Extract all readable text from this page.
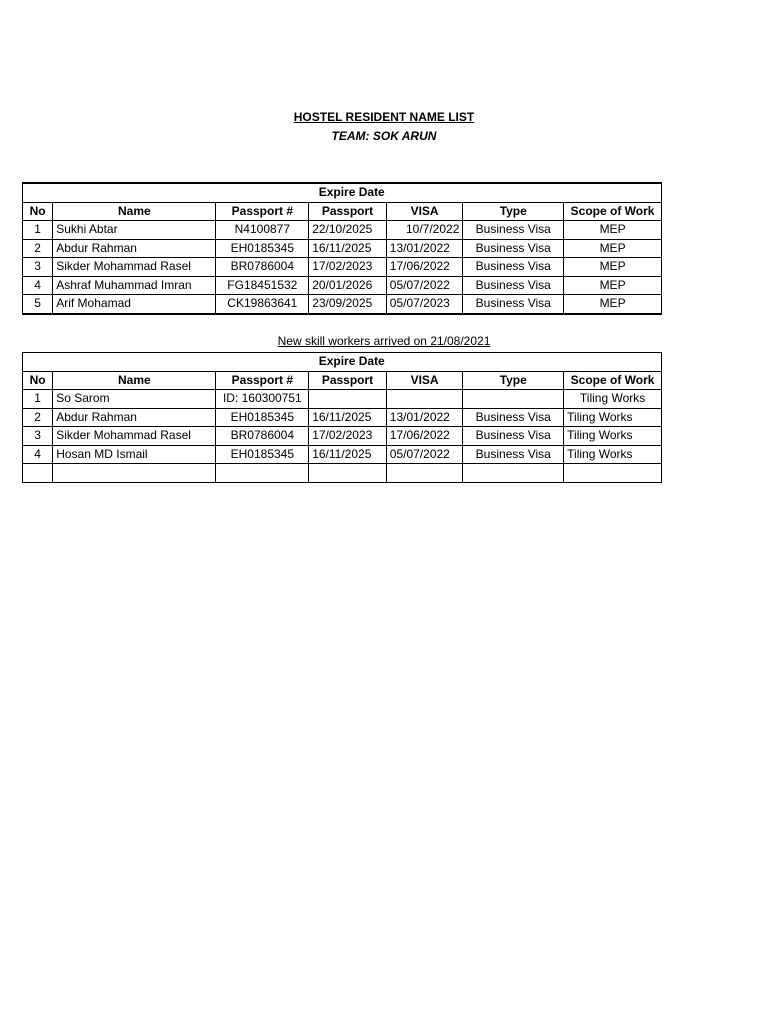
HOSTEL RESIDENT NAME LIST
TEAM: SOK ARUN
			Expire Date			
No	Name	Passport #	Passport	VISA	Type	Scope of Work
1	Sukhi Abtar	N4100877	22/10/2025	10/7/2022	Business Visa	MEP
2	Abdur Rahman	EH0185345	16/11/2025	13/01/2022	Business Visa	MEP
3	Sikder Mohammad Rasel	BR0786004	17/02/2023	17/06/2022	Business Visa	MEP
4	Ashraf Muhammad Imran	FG18451532	20/01/2026	05/07/2022	Business Visa	MEP
5	Arif Mohamad	CK19863641	23/09/2025	05/07/2023	Business Visa	MEP
New skill workers arrived on 21/08/2021
			Expire Date			
No	Name	Passport #	Passport	VISA	Type	Scope of Work
1	So Sarom	ID: 160300751				Tiling Works
2	Abdur Rahman	EH0185345	16/11/2025	13/01/2022	Business Visa	Tiling Works
3	Sikder Mohammad Rasel	BR0786004	17/02/2023	17/06/2022	Business Visa	Tiling Works
4	Hosan MD Ismail	EH0185345	16/11/2025	05/07/2022	Business Visa	Tiling Works
